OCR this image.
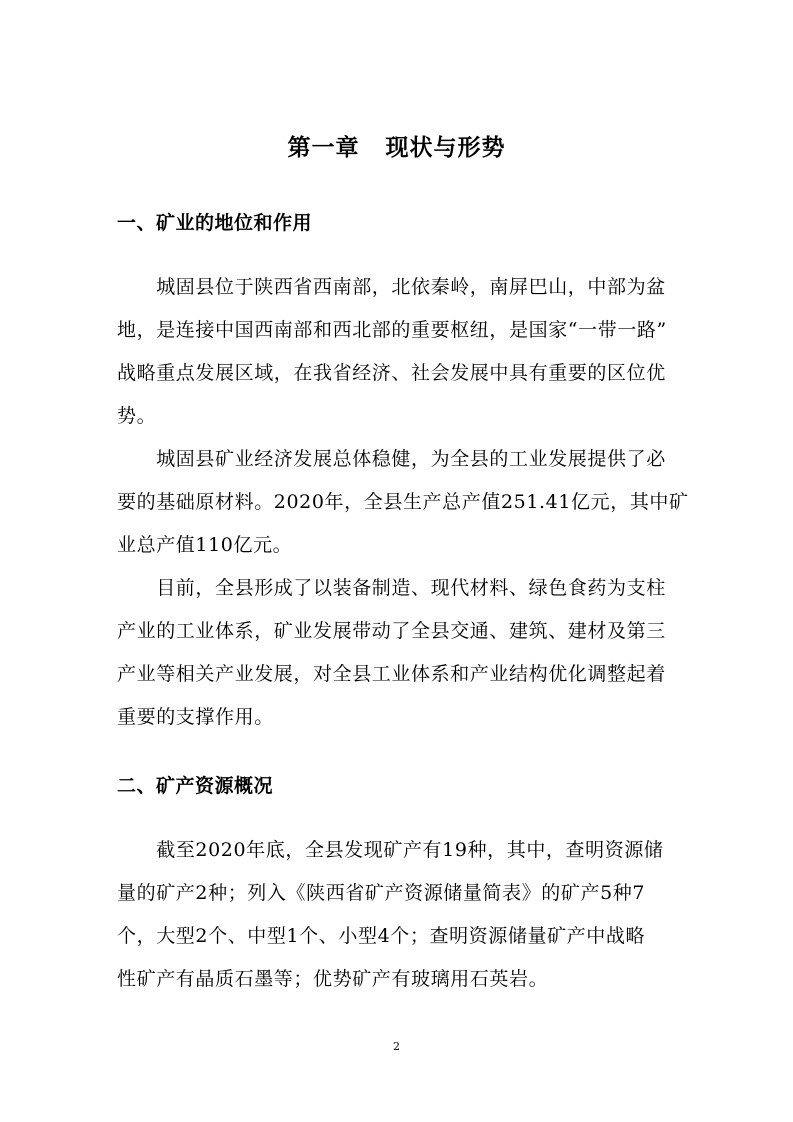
第一章 现状与形势
一、矿业的地位和作用

　　城固县位于陕西省西南部，北依秦岭，南屏巴山，中部为盆
地，是连接中国西南部和西北部的重要枢纽，是国家“一带一路”
战略重点发展区域，在我省经济、社会发展中具有重要的区位优
势。

　　城固县矿业经济发展总体稳健，为全县的工业发展提供了必
要的基础原材料。2020年，全县生产总产值251.41亿元，其中矿
业总产值110亿元。

　　目前，全县形成了以装备制造、现代材料、绿色食药为支柱
产业的工业体系，矿业发展带动了全县交通、建筑、建材及第三
产业等相关产业发展，对全县工业体系和产业结构优化调整起着
重要的支撑作用。

二、矿产资源概况

　　截至2020年底，全县发现矿产有19种，其中，查明资源储
量的矿产2种；列入《陕西省矿产资源储量简表》的矿产5种7
个，大型2个、中型1个、小型4个；查明资源储量矿产中战略
性矿产有晶质石墨等；优势矿产有玻璃用石英岩。

2
